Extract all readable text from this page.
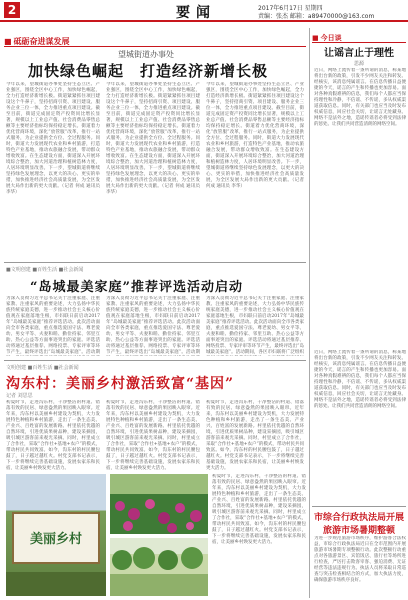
2	要闻	2017年6月17日 星期四
责编：张杰 邮箱：a89470000@163.com
■ 砥砺奋进谋发展
望城街道办事处
加快绿色崛起　打造经济新增长极
今年以来，望城街道办事处坚持生态立区、产业强区，围绕全区中心工作，加快绿色崛起，全力打造经济新增长极。街道紧紧抓住项目建设这个牛鼻子，坚持招商引资、项目建设、服务企业三位一体，全力推进重点项目建设。截至目前，街道完成固定资产投资同比增长显著，规模以上工业总产值、社会消费品零售总额等主要经济指标均保持稳定增长。街道着力优化营商环境，深化“放管服”改革，推行一站式服务，为企业提供全方位、全过程服务。同时，街道大力发展现代农业和乡村旅游，打造特色产业基地，推动农旅融合发展，带动群众增收致富。在生态建设方面，街道深入开展环境综合整治，加大河道治理和植树造林力度，人居环境明显改善。下一步，望城街道将继续坚持绿色发展理念，以更大的决心、更实的举措，加快推进经济社会高质量发展，为全区发展大局作出新的更大贡献。（记者 何成 通讯员 李华）
今年以来，望城街道办事处坚持生态立区、产业强区，围绕全区中心工作，加快绿色崛起，全力打造经济新增长极。街道紧紧抓住项目建设这个牛鼻子，坚持招商引资、项目建设、服务企业三位一体，全力推进重点项目建设。截至目前，街道完成固定资产投资同比增长显著，规模以上工业总产值、社会消费品零售总额等主要经济指标均保持稳定增长。街道着力优化营商环境，深化“放管服”改革，推行一站式服务，为企业提供全方位、全过程服务。同时，街道大力发展现代农业和乡村旅游，打造特色产业基地，推动农旅融合发展，带动群众增收致富。在生态建设方面，街道深入开展环境综合整治，加大河道治理和植树造林力度，人居环境明显改善。下一步，望城街道将继续坚持绿色发展理念，以更大的决心、更实的举措，加快推进经济社会高质量发展，为全区发展大局作出新的更大贡献。（记者 何成 通讯员 李华）
今年以来，望城街道办事处坚持生态立区、产业强区，围绕全区中心工作，加快绿色崛起，全力打造经济新增长极。街道紧紧抓住项目建设这个牛鼻子，坚持招商引资、项目建设、服务企业三位一体，全力推进重点项目建设。截至目前，街道完成固定资产投资同比增长显著，规模以上工业总产值、社会消费品零售总额等主要经济指标均保持稳定增长。街道着力优化营商环境，深化“放管服”改革，推行一站式服务，为企业提供全方位、全过程服务。同时，街道大力发展现代农业和乡村旅游，打造特色产业基地，推动农旅融合发展，带动群众增收致富。在生态建设方面，街道深入开展环境综合整治，加大河道治理和植树造林力度，人居环境明显改善。下一步，望城街道将继续坚持绿色发展理念，以更大的决心、更实的举措，加快推进经济社会高质量发展，为全区发展大局作出新的更大贡献。（记者 何成 通讯员 李华）
■文明创建 ■百姓生活 ■社会新闻
“岛城最美家庭”推荐评选活动启动
为深入贯彻习近平总书记关于注重家庭、注重家教、注重家风的重要论述，大力弘扬中华民族传统家庭美德，进一步推动社会主义核心价值观在家庭落地生根，市妇联日前启动2017年“岛城最美家庭”推荐评选活动。此次活动面向全市各类家庭，重点推选爱国守法、尊老爱幼、男女平等、夫妻和睦、勤俭持家、邻里互助、热心公益等方面事迹突出的家庭。评选活动将通过基层推荐、网络投票、专家评审等环节产生，最终评选出“岛城最美家庭”。活动期
为深入贯彻习近平总书记关于注重家庭、注重家教、注重家风的重要论述，大力弘扬中华民族传统家庭美德，进一步推动社会主义核心价值观在家庭落地生根，市妇联日前启动2017年“岛城最美家庭”推荐评选活动。此次活动面向全市各类家庭，重点推选爱国守法、尊老爱幼、男女平等、夫妻和睦、勤俭持家、邻里互助、热心公益等方面事迹突出的家庭。评选活动将通过基层推荐、网络投票、专家评审等环节产生，最终评选出“岛城最美家庭”。活动期
为深入贯彻习近平总书记关于注重家庭、注重家教、注重家风的重要论述，大力弘扬中华民族传统家庭美德，进一步推动社会主义核心价值观在家庭落地生根，市妇联日前启动2017年“岛城最美家庭”推荐评选活动。此次活动面向全市各类家庭，重点推选爱国守法、尊老爱幼、男女平等、夫妻和睦、勤俭持家、邻里互助、热心公益等方面事迹突出的家庭。评选活动将通过基层推荐、网络投票、专家评审等环节产生，最终评选出“岛城最美家庭”。活动期间，各区市妇联将广泛组织
文明创建 ■百姓生活 ■社会新闻
沟东村：美丽乡村激活致富“基因”
记者 刘思思
初夏时节，走进沟东村，干净整洁的村道、错落有致的民居、绿意盎然的果园映入眼帘。近年来，沟东村以美丽乡村建设为契机，大力发展特色种植和乡村旅游，走出了一条生态美、产业兴、百姓富的发展新路。村里依托优越的自然环境，引进优质果树品种，建设采摘园，吸引城区游客前来观光采摘。同时，村里成立了合作社，采取“合作社+基地+农户”的模式，带动村民共同致富。如今，沟东村的村民腰包鼓了，日子越过越红火。村党支部书记表示，下一步将继续完善基础设施，发展农家乐和民宿，让美丽乡村焕发更大活力。
初夏时节，走进沟东村，干净整洁的村道、错落有致的民居、绿意盎然的果园映入眼帘。近年来，沟东村以美丽乡村建设为契机，大力发展特色种植和乡村旅游，走出了一条生态美、产业兴、百姓富的发展新路。村里依托优越的自然环境，引进优质果树品种，建设采摘园，吸引城区游客前来观光采摘。同时，村里成立了合作社，采取“合作社+基地+农户”的模式，带动村民共同致富。如今，沟东村的村民腰包鼓了，日子越过越红火。村党支部书记表示，下一步将继续完善基础设施，发展农家乐和民宿，让美丽乡村焕发更大活力。
初夏时节，走进沟东村，干净整洁的村道、错落有致的民居、绿意盎然的果园映入眼帘。近年来，沟东村以美丽乡村建设为契机，大力发展特色种植和乡村旅游，走出了一条生态美、产业兴、百姓富的发展新路。村里依托优越的自然环境，引进优质果树品种，建设采摘园，吸引城区游客前来观光采摘。同时，村里成立了合作社，采取“合作社+基地+农户”的模式，带动村民共同致富。如今，沟东村的村民腰包鼓了，日子越过越红火。村党支部书记表示，下一步将继续完善基础设施，发展农家乐和民宿，让美丽乡村焕发更大活力。
美丽乡村
初夏时节，走进沟东村，干净整洁的村道、错落有致的民居、绿意盎然的果园映入眼帘。近年来，沟东村以美丽乡村建设为契机，大力发展特色种植和乡村旅游，走出了一条生态美、产业兴、百姓富的发展新路。村里依托优越的自然环境，引进优质果树品种，建设采摘园，吸引城区游客前来观光采摘。同时，村里成立了合作社，采取“合作社+基地+农户”的模式，带动村民共同致富。如今，沟东村的村民腰包鼓了，日子越过越红火。村党支部书记表示，下一步将继续完善基础设施，发展农家乐和民宿，让美丽乡村焕发更大活力。
■ 今日谈
让谣言止于理性
思源
近日，网络上流传着一条所谓的消息，称某地将出台新的政策，引发不少网友关注和转发。经核实，该消息纯属谣言。在信息传播日益便捷的今天，谣言的产生和传播也更加容易。面对各种真假难辨的信息，我们每个人都应当保持理性和冷静，不信谣、不传谣，多从权威渠道获取信息。同时，有关部门也应当及时发布权威信息，回应社会关切，让谣言无处藏身。网络不是法外之地，造谣传谣者必将受到法律的惩处。让我们共同营造清朗的网络空间。
近日，网络上流传着一条所谓的消息，称某地将出台新的政策，引发不少网友关注和转发。经核实，该消息纯属谣言。在信息传播日益便捷的今天，谣言的产生和传播也更加容易。面对各种真假难辨的信息，我们每个人都应当保持理性和冷静，不信谣、不传谣，多从权威渠道获取信息。同时，有关部门也应当及时发布权威信息，回应社会关切，让谣言无处藏身。网络不是法外之地，造谣传谣者必将受到法律的惩处。让我们共同营造清朗的网络空间。
市综合行政执法局开展旅游市场暑期整顿
为进一步规范旅游市场秩序，维护游客合法权益，市综合行政执法局近日在全市范围内开展旅游市场暑期专项整顿行动。此次整顿行动重点对各旅游景区、宾馆饭店、旅行社等场所进行检查，严厉打击欺客宰客、强迫消费、无证经营等违法违规行为。执法人员将采取日常巡查与突击检查相结合的方式，加大执法力度，确保旅游市场秩序良好。
